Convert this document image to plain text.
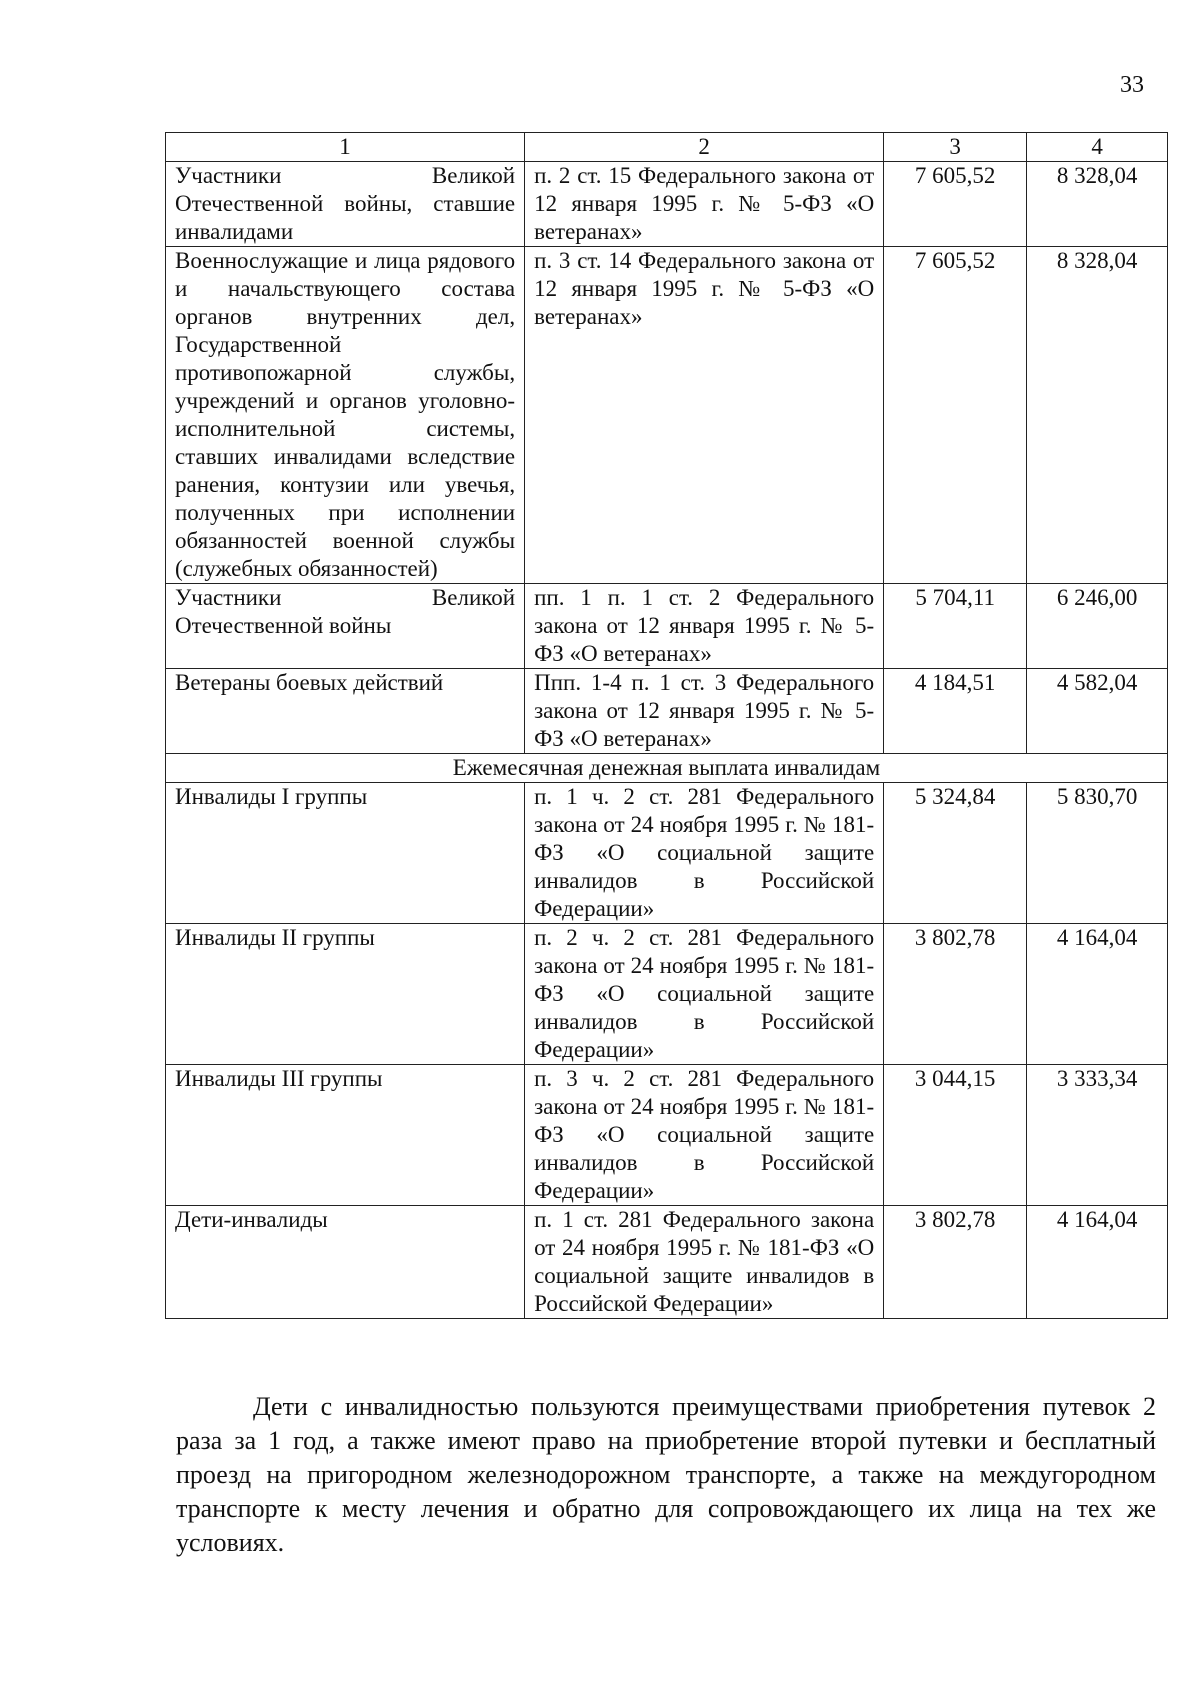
33
1	2	3	4
Участники Великой Отечественной войны, ставшие инвалидами	п. 2 ст. 15 Федерального закона от 12 января 1995 г. № 5-ФЗ «О ветеранах»	7 605,52	8 328,04
Военнослужащие и лица рядового и начальствующего состава органов внутренних дел, Государственной противопожарной службы, учреждений и органов уголовно-исполнительной системы, ставших инвалидами вследствие ранения, контузии или увечья, полученных при исполнении обязанностей военной службы (служебных обязанностей)	п. 3 ст. 14 Федерального закона от 12 января 1995 г. № 5-ФЗ «О ветеранах»	7 605,52	8 328,04
Участники Великой Отечественной войны	пп. 1 п. 1 ст. 2 Федерального закона от 12 января 1995 г. № 5-ФЗ «О ветеранах»	5 704,11	6 246,00
Ветераны боевых действий	Ппп. 1-4 п. 1 ст. 3 Федерального закона от 12 января 1995 г. № 5-ФЗ «О ветеранах»	4 184,51	4 582,04
Ежемесячная денежная выплата инвалидам			
Инвалиды I группы	п. 1 ч. 2 ст. 281 Федерального закона от 24 ноября 1995 г. № 181-ФЗ «О социальной защите инвалидов в Российской Федерации»	5 324,84	5 830,70
Инвалиды II группы	п. 2 ч. 2 ст. 281 Федерального закона от 24 ноября 1995 г. № 181-ФЗ «О социальной защите инвалидов в Российской Федерации»	3 802,78	4 164,04
Инвалиды III группы	п. 3 ч. 2 ст. 281 Федерального закона от 24 ноября 1995 г. № 181-ФЗ «О социальной защите инвалидов в Российской Федерации»	3 044,15	3 333,34
Дети-инвалиды	п. 1 ст. 281 Федерального закона от 24 ноября 1995 г. № 181-ФЗ «О социальной защите инвалидов в Российской Федерации»	3 802,78	4 164,04

Дети с инвалидностью пользуются преимуществами приобретения путевок 2 раза за 1 год, а также имеют право на приобретение второй путевки и бесплатный проезд на пригородном железнодорожном транспорте, а также на междугородном транспорте к месту лечения и обратно для сопровождающего их лица на тех же условиях.
